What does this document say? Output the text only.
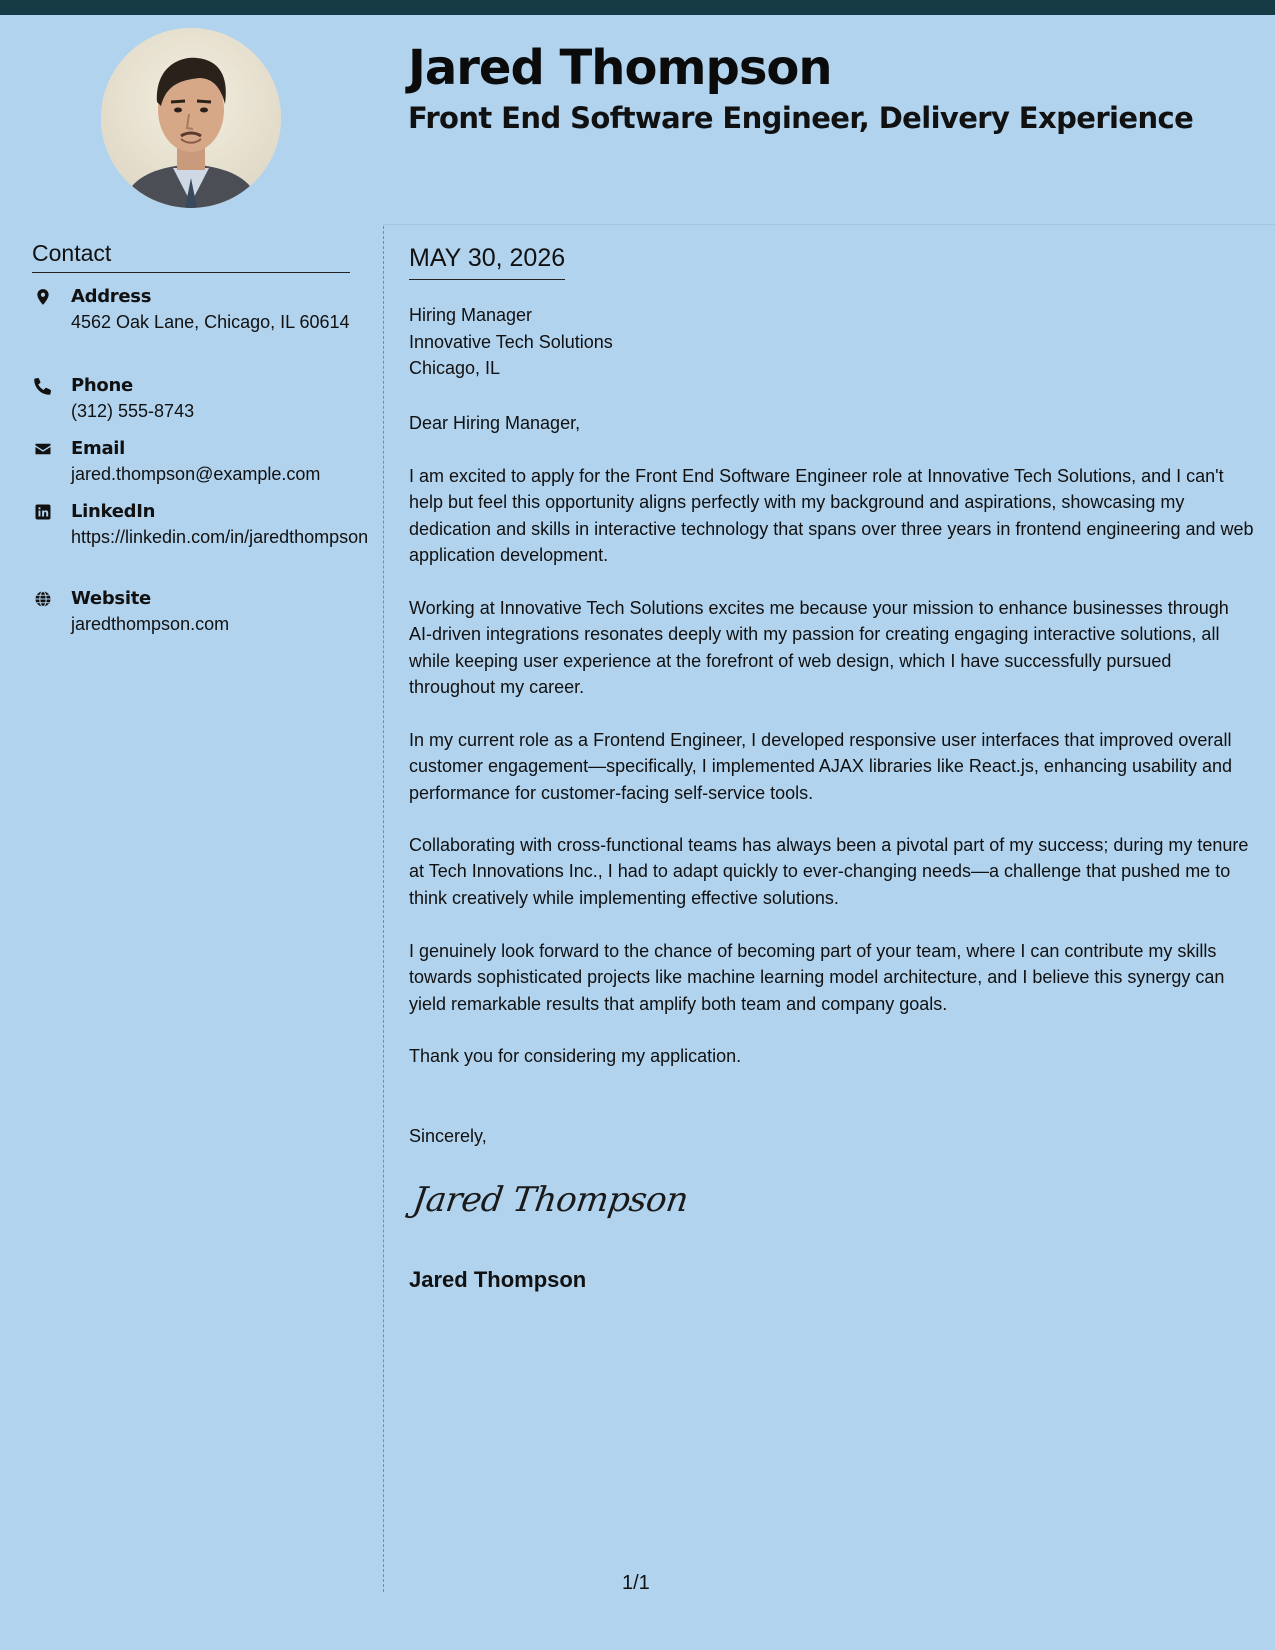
Jared Thompson
Front End Software Engineer, Delivery Experience
Contact
Address
4562 Oak Lane, Chicago, IL 60614
Phone
(312) 555-8743
Email
jared.thompson@example.com
LinkedIn
https://linkedin.com/in/jaredthompson
Website
jaredthompson.com
MAY 30, 2026
Hiring Manager
Innovative Tech Solutions
Chicago, IL

Dear Hiring Manager,

I am excited to apply for the Front End Software Engineer role at Innovative Tech Solutions, and I can't help but feel this opportunity aligns perfectly with my background and aspirations, showcasing my dedication and skills in interactive technology that spans over three years in frontend engineering and web application development.

Working at Innovative Tech Solutions excites me because your mission to enhance businesses through AI-driven integrations resonates deeply with my passion for creating engaging interactive solutions, all while keeping user experience at the forefront of web design, which I have successfully pursued throughout my career.

In my current role as a Frontend Engineer, I developed responsive user interfaces that improved overall customer engagement—specifically, I implemented AJAX libraries like React.js, enhancing usability and performance for customer-facing self-service tools.

Collaborating with cross-functional teams has always been a pivotal part of my success; during my tenure at Tech Innovations Inc., I had to adapt quickly to ever-changing needs—a challenge that pushed me to think creatively while implementing effective solutions.

I genuinely look forward to the chance of becoming part of your team, where I can contribute my skills towards sophisticated projects like machine learning model architecture, and I believe this synergy can yield remarkable results that amplify both team and company goals.

Thank you for considering my application.

Sincerely,

Jared Thompson
Jared Thompson
1/1
